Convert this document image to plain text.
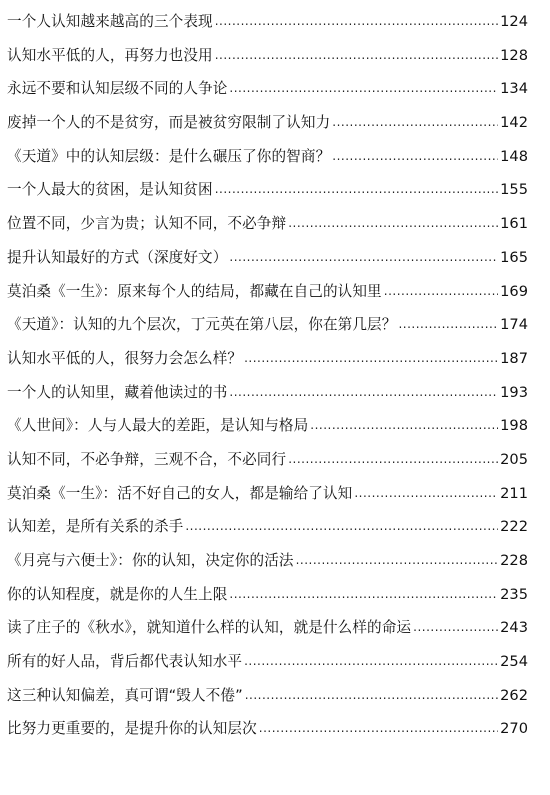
一个人认知越来越高的三个表现 .....	124
认知水平低的人，再努力也没用 .....	128
永远不要和认知层级不同的人争论 .....	134
废掉一个人的不是贫穷，而是被贫穷限制了认知力 .....	142
《天道》中的认知层级：是什么碾压了你的智商？ .....	148
一个人最大的贫困，是认知贫困 .....	155
位置不同，少言为贵；认知不同，不必争辩 .....	161
提升认知最好的方式（深度好文） .....	165
莫泊桑《一生》：原来每个人的结局，都藏在自己的认知里 .....	169
《天道》：认知的九个层次，丁元英在第八层，你在第几层？ .....	174
认知水平低的人，很努力会怎么样？ .....	187
一个人的认知里，藏着他读过的书 .....	193
《人世间》：人与人最大的差距，是认知与格局 .....	198
认知不同，不必争辩，三观不合，不必同行 .....	205
莫泊桑《一生》：活不好自己的女人，都是输给了认知 .....	211
认知差，是所有关系的杀手 .....	222
《月亮与六便士》：你的认知，决定你的活法 .....	228
你的认知程度，就是你的人生上限 .....	235
读了庄子的《秋水》，就知道什么样的认知，就是什么样的命运 .....	243
所有的好人品，背后都代表认知水平 .....	254
这三种认知偏差，真可谓“毁人不倦” .....	262
比努力更重要的，是提升你的认知层次 .....	270
